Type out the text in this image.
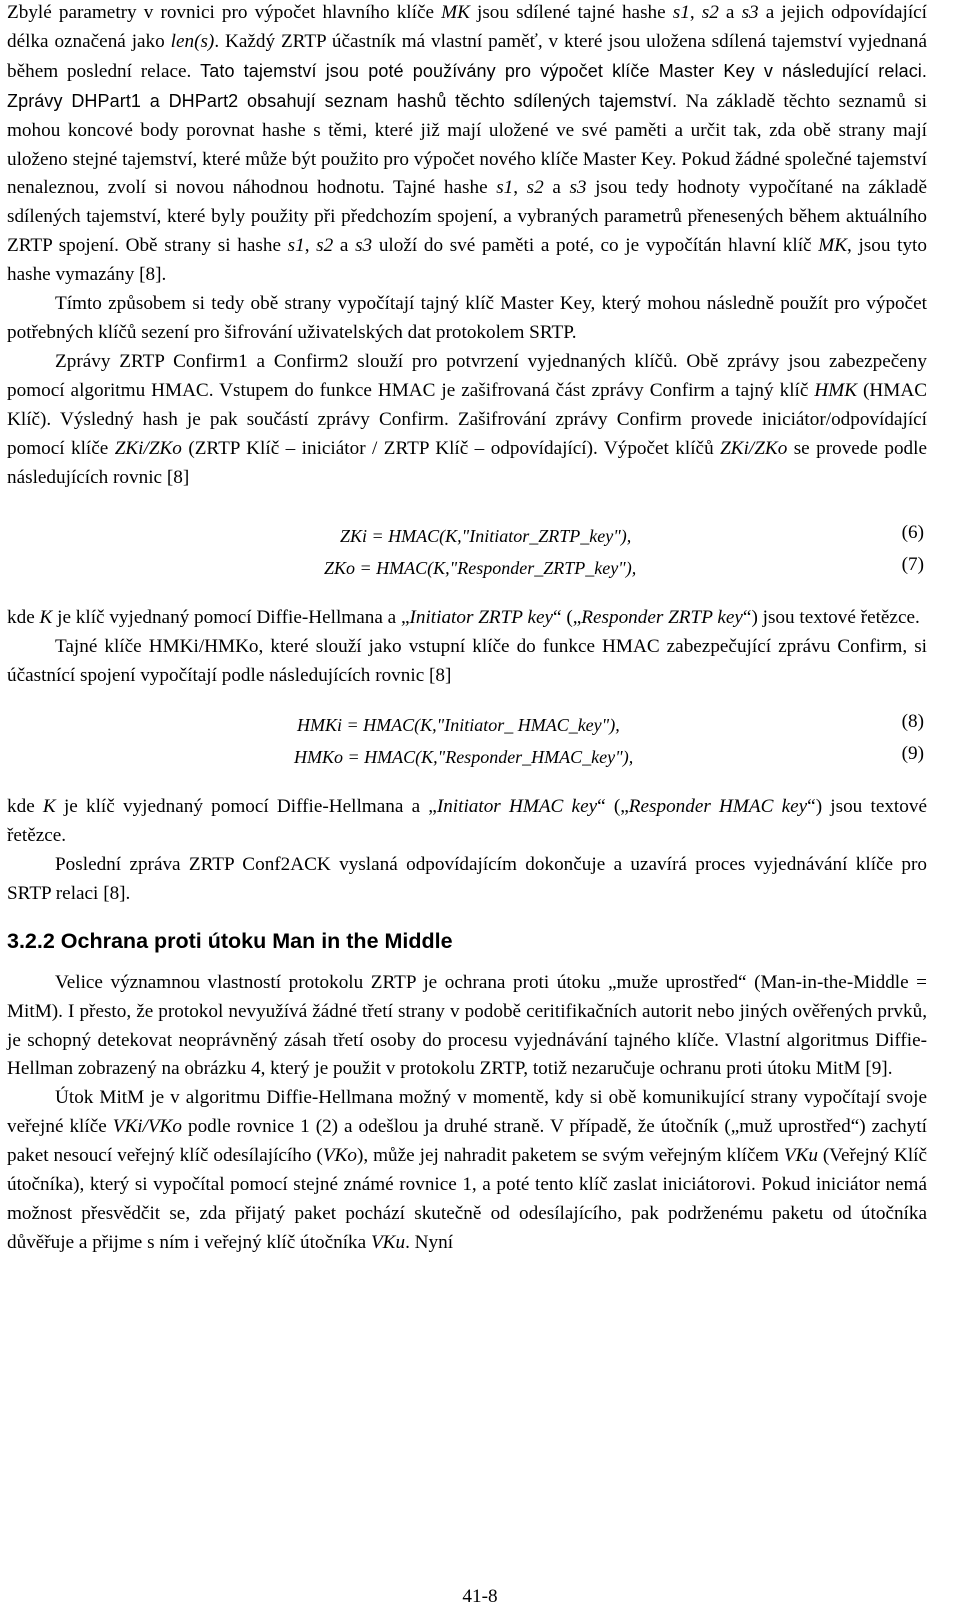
Zbylé parametry v rovnici pro výpočet hlavního klíče MK jsou sdílené tajné hashe s1, s2 a s3 a jejich odpovídající délka označená jako len(s). Každý ZRTP účastník má vlastní paměť, v které jsou uložena sdílená tajemství vyjednaná během poslední relace. Tato tajemství jsou poté používány pro výpočet klíče Master Key v následující relaci. Zprávy DHPart1 a DHPart2 obsahují seznam hashů těchto sdílených tajemství. Na základě těchto seznamů si mohou koncové body porovnat hashe s těmi, které již mají uložené ve své paměti a určit tak, zda obě strany mají uloženo stejné tajemství, které může být použito pro výpočet nového klíče Master Key. Pokud žádné společné tajemství nenaleznou, zvolí si novou náhodnou hodnotu. Tajné hashe s1, s2 a s3 jsou tedy hodnoty vypočítané na základě sdílených tajemství, které byly použity při předchozím spojení, a vybraných parametrů přenesených během aktuálního ZRTP spojení. Obě strany si hashe s1, s2 a s3 uloží do své paměti a poté, co je vypočítán hlavní klíč MK, jsou tyto hashe vymazány [8].

Tímto způsobem si tedy obě strany vypočítají tajný klíč Master Key, který mohou následně použít pro výpočet potřebných klíčů sezení pro šifrování uživatelských dat protokolem SRTP.

Zprávy ZRTP Confirm1 a Confirm2 slouží pro potvrzení vyjednaných klíčů. Obě zprávy jsou zabezpečeny pomocí algoritmu HMAC. Vstupem do funkce HMAC je zašifrovaná část zprávy Confirm a tajný klíč HMK (HMAC Klíč). Výsledný hash je pak součástí zprávy Confirm. Zašifrování zprávy Confirm provede iniciátor/odpovídající pomocí klíče ZKi/ZKo (ZRTP Klíč – iniciátor / ZRTP Klíč – odpovídající). Výpočet klíčů ZKi/ZKo se provede podle následujících rovnic [8]

ZKi = HMAC(K,"Initiator_ZRTP_key"),	(6)
ZKo = HMAC(K,"Responder_ZRTP_key"),	(7)

kde K je klíč vyjednaný pomocí Diffie-Hellmana a „Initiator ZRTP key“ („Responder ZRTP key“) jsou textové řetězce.

Tajné klíče HMKi/HMKo, které slouží jako vstupní klíče do funkce HMAC zabezpečující zprávu Confirm, si účastnící spojení vypočítají podle následujících rovnic [8]

HMKi = HMAC(K,"Initiator_ HMAC_key"),	(8)
HMKo = HMAC(K,"Responder_HMAC_key"),	(9)

kde K je klíč vyjednaný pomocí Diffie-Hellmana a „Initiator HMAC key“ („Responder HMAC key“) jsou textové řetězce.

Poslední zpráva ZRTP Conf2ACK vyslaná odpovídajícím dokončuje a uzavírá proces vyjednávání klíče pro SRTP relaci [8].

3.2.2 Ochrana proti útoku Man in the Middle

Velice významnou vlastností protokolu ZRTP je ochrana proti útoku „muže uprostřed“ (Man-in-the-Middle = MitM). I přesto, že protokol nevyužívá žádné třetí strany v podobě ceritifikačních autorit nebo jiných ověřených prvků, je schopný detekovat neoprávněný zásah třetí osoby do procesu vyjednávání tajného klíče. Vlastní algoritmus Diffie-Hellman zobrazený na obrázku 4, který je použit v protokolu ZRTP, totiž nezaručuje ochranu proti útoku MitM [9].

Útok MitM je v algoritmu Diffie-Hellmana možný v momentě, kdy si obě komunikující strany vypočítají svoje veřejné klíče VKi/VKo podle rovnice 1 (2) a odešlou ja druhé straně. V případě, že útočník („muž uprostřed“) zachytí paket nesoucí veřejný klíč odesílajícího (VKo), může jej nahradit paketem se svým veřejným klíčem VKu (Veřejný Klíč útočníka), který si vypočítal pomocí stejné známé rovnice 1, a poté tento klíč zaslat iniciátorovi. Pokud iniciátor nemá možnost přesvědčit se, zda přijatý paket pochází skutečně od odesílajícího, pak podrženému paketu od útočníka důvěřuje a přijme s ním i veřejný klíč útočníka VKu. Nyní

41-8
